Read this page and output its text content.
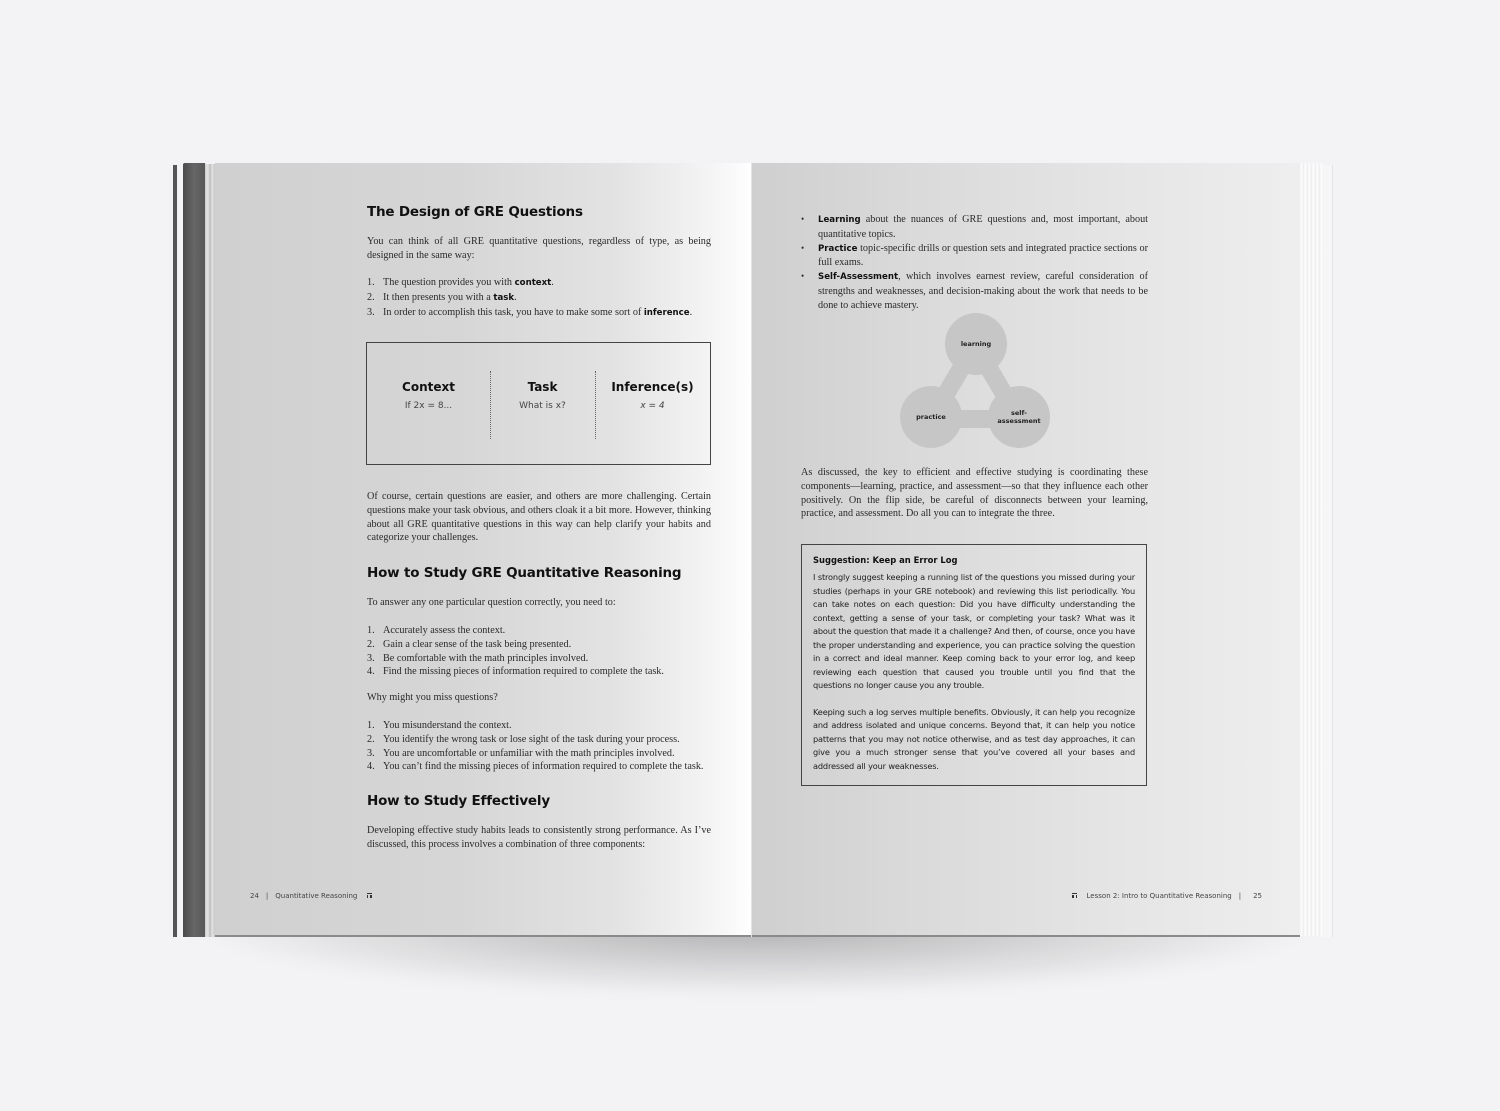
The Design of GRE Questions

You can think of all GRE quantitative questions, regardless of type, as being designed in the same way:

1. The question provides you with context.
2. It then presents you with a task.
3. In order to accomplish this task, you have to make some sort of inference.
Context
If 2x = 8...
Task
What is x?
Inference(s)
x = 4

Of course, certain questions are easier, and others are more challenging. Certain questions make your task obvious, and others cloak it a bit more. However, thinking about all GRE quantitative questions in this way can help clarify your habits and categorize your challenges.

How to Study GRE Quantitative Reasoning

To answer any one particular question correctly, you need to:

1. Accurately assess the context.
2. Gain a clear sense of the task being presented.
3. Be comfortable with the math principles involved.
4. Find the missing pieces of information required to complete the task.

Why might you miss questions?

1. You misunderstand the context.
2. You identify the wrong task or lose sight of the task during your process.
3. You are uncomfortable or unfamiliar with the math principles involved.
4. You can’t find the missing pieces of information required to complete the task.
How to Study Effectively

Developing effective study habits leads to consistently strong performance. As I’ve discussed, this process involves a combination of three components:

24 | Quantitative Reasoning
• Learning about the nuances of GRE questions and, most important, about quantitative topics.
• Practice topic-specific drills or question sets and integrated practice sections or full exams.
• Self-Assessment, which involves earnest review, careful consideration of strengths and weaknesses, and decision-making about the work that needs to be done to achieve mastery.
learning
practice	self-
assessment

As discussed, the key to efficient and effective studying is coordinating these components—learning, practice, and assessment—so that they influence each other positively. On the flip side, be careful of disconnects between your learning, practice, and assessment. Do all you can to integrate the three.

Suggestion: Keep an Error Log

I strongly suggest keeping a running list of the questions you missed during your studies (perhaps in your GRE notebook) and reviewing this list periodically. You can take notes on each question: Did you have difficulty understanding the context, getting a sense of your task, or completing your task? What was it about the question that made it a challenge? And then, of course, once you have the proper understanding and experience, you can practice solving the question in a correct and ideal manner. Keep coming back to your error log, and keep reviewing each question that caused you trouble until you find that the questions no longer cause you any trouble.

Keeping such a log serves multiple benefits. Obviously, it can help you recognize and address isolated and unique concerns. Beyond that, it can help you notice patterns that you may not notice otherwise, and as test day approaches, it can give you a much stronger sense that you’ve covered all your bases and addressed all your weaknesses.

Lesson 2: Intro to Quantitative Reasoning | 25
